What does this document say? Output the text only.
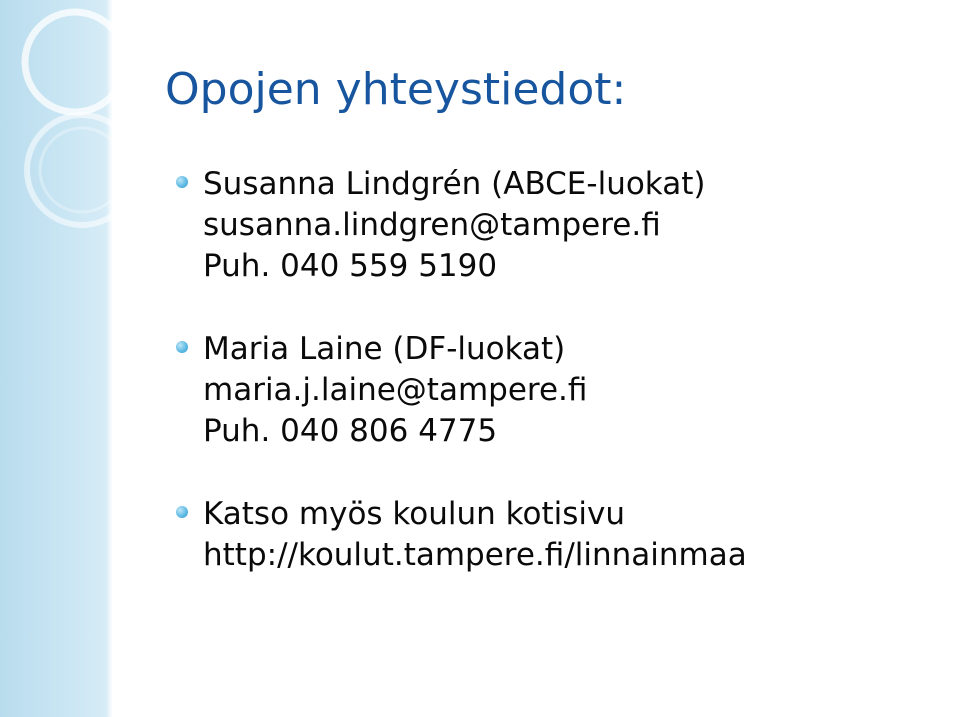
Opojen yhteystiedot:
Susanna Lindgrén (ABCE-luokat)
susanna.lindgren@tampere.fi
Puh. 040 559 5190
Maria Laine (DF-luokat)
maria.j.laine@tampere.fi
Puh. 040 806 4775
Katso myös koulun kotisivu
http://koulut.tampere.fi/linnainmaa
